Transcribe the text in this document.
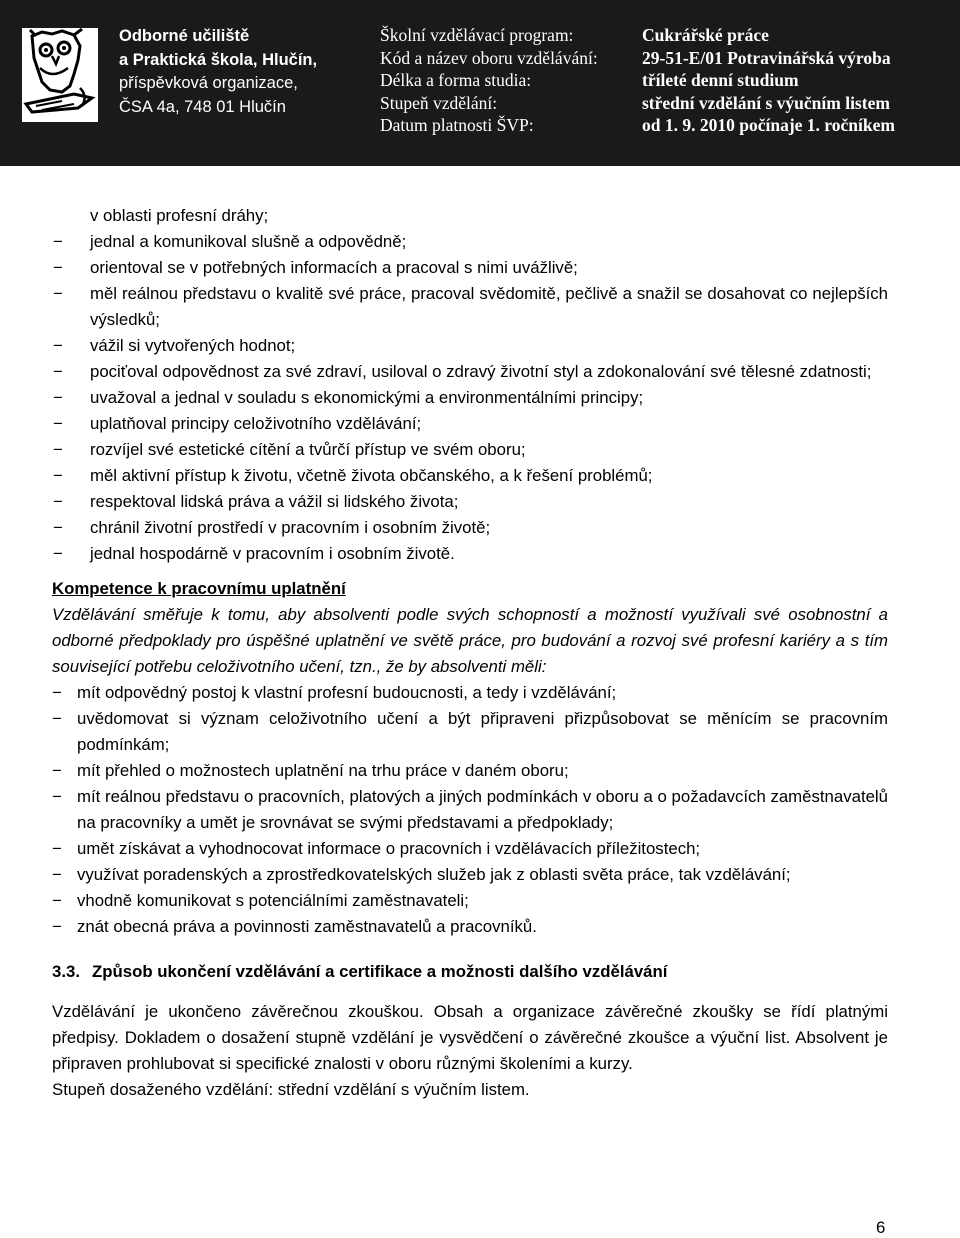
Odborné učiliště
a Praktická škola, Hlučín,
příspěvková organizace,
ČSA 4a, 748 01 Hlučín
Školní vzdělávací program:	Cukrářské práce
Kód a název oboru vzdělávání:	29-51-E/01 Potravinářská výroba
Délka a forma studia:	tříleté denní studium
Stupeň vzdělání:	střední vzdělání s výučním listem
Datum platnosti ŠVP:	od 1. 9. 2010 počínaje 1. ročníkem

v oblasti profesní dráhy;

− jednal a komunikoval slušně a odpovědně;
− orientoval se v potřebných informacích a pracoval s nimi uvážlivě;
− měl reálnou představu o kvalitě své práce, pracoval svědomitě, pečlivě a snažil se dosahovat co nejlepších výsledků;
− vážil si vytvořených hodnot;
− pociťoval odpovědnost za své zdraví, usiloval o zdravý životní styl a zdokonalování své tělesné zdatnosti;
− uvažoval a jednal v souladu s ekonomickými a environmentálními principy;
− uplatňoval principy celoživotního vzdělávání;
− rozvíjel své estetické cítění a tvůrčí přístup ve svém oboru;
− měl aktivní přístup k životu, včetně života občanského, a k řešení problémů;
− respektoval lidská práva a vážil si lidského života;
− chránil životní prostředí v pracovním i osobním životě;
− jednal hospodárně v pracovním i osobním životě.

Kompetence k pracovnímu uplatnění

Vzdělávání směřuje k tomu, aby absolventi podle svých schopností a možností využívali své osobnostní a odborné předpoklady pro úspěšné uplatnění ve světě práce, pro budování a rozvoj své profesní kariéry a s tím související potřebu celoživotního učení, tzn., že by absolventi měli:

− mít odpovědný postoj k vlastní profesní budoucnosti, a tedy i vzdělávání;
− uvědomovat si význam celoživotního učení a být připraveni přizpůsobovat se měnícím se pracovním podmínkám;
− mít přehled o možnostech uplatnění na trhu práce v daném oboru;
− mít reálnou představu o pracovních, platových a jiných podmínkách v oboru a o požadavcích zaměstnavatelů na pracovníky a umět je srovnávat se svými představami a předpoklady;
− umět získávat a vyhodnocovat informace o pracovních i vzdělávacích příležitostech;
− využívat poradenských a zprostředkovatelských služeb jak z oblasti světa práce, tak vzdělávání;
− vhodně komunikovat s potenciálními zaměstnavateli;
− znát obecná práva a povinnosti zaměstnavatelů a pracovníků.

3.3. Způsob ukončení vzdělávání a certifikace a možnosti dalšího vzdělávání

Vzdělávání je ukončeno závěrečnou zkouškou. Obsah a organizace závěrečné zkoušky se řídí platnými předpisy. Dokladem o dosažení stupně vzdělání je vysvědčení o závěrečné zkoušce a výuční list. Absolvent je připraven prohlubovat si specifické znalosti v oboru různými školeními a kurzy.

Stupeň dosaženého vzdělání: střední vzdělání s výučním listem.

6
